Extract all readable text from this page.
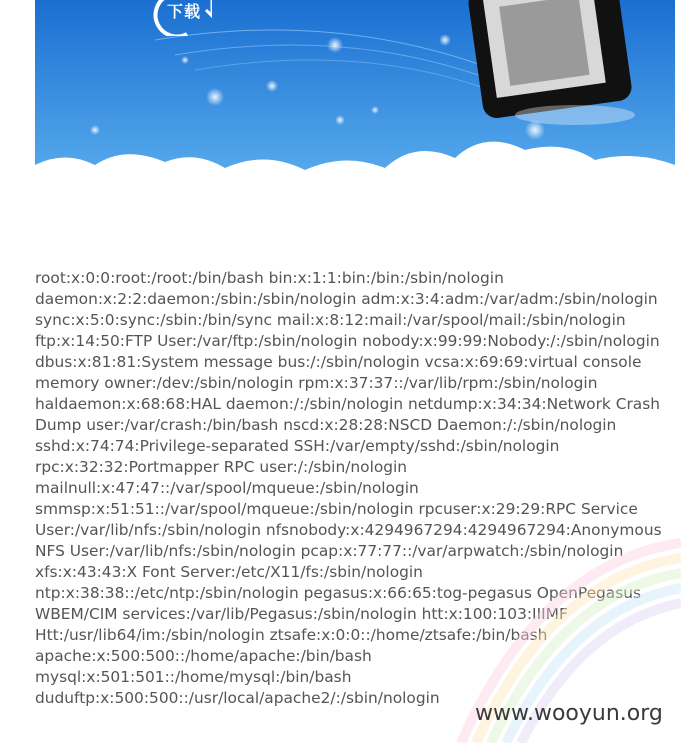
下载
root:x:0:0:root:/root:/bin/bash bin:x:1:1:bin:/bin:/sbin/nologin
daemon:x:2:2:daemon:/sbin:/sbin/nologin adm:x:3:4:adm:/var/adm:/sbin/nologin
sync:x:5:0:sync:/sbin:/bin/sync mail:x:8:12:mail:/var/spool/mail:/sbin/nologin
ftp:x:14:50:FTP User:/var/ftp:/sbin/nologin nobody:x:99:99:Nobody:/:/sbin/nologin
dbus:x:81:81:System message bus:/:/sbin/nologin vcsa:x:69:69:virtual console
memory owner:/dev:/sbin/nologin rpm:x:37:37::/var/lib/rpm:/sbin/nologin
haldaemon:x:68:68:HAL daemon:/:/sbin/nologin netdump:x:34:34:Network Crash
Dump user:/var/crash:/bin/bash nscd:x:28:28:NSCD Daemon:/:/sbin/nologin
sshd:x:74:74:Privilege-separated SSH:/var/empty/sshd:/sbin/nologin
rpc:x:32:32:Portmapper RPC user:/:/sbin/nologin
mailnull:x:47:47::/var/spool/mqueue:/sbin/nologin
smmsp:x:51:51::/var/spool/mqueue:/sbin/nologin rpcuser:x:29:29:RPC Service
User:/var/lib/nfs:/sbin/nologin nfsnobody:x:4294967294:4294967294:Anonymous
NFS User:/var/lib/nfs:/sbin/nologin pcap:x:77:77::/var/arpwatch:/sbin/nologin
xfs:x:43:43:X Font Server:/etc/X11/fs:/sbin/nologin
ntp:x:38:38::/etc/ntp:/sbin/nologin pegasus:x:66:65:tog-pegasus OpenPegasus
WBEM/CIM services:/var/lib/Pegasus:/sbin/nologin htt:x:100:103:IIIMF
Htt:/usr/lib64/im:/sbin/nologin ztsafe:x:0:0::/home/ztsafe:/bin/bash
apache:x:500:500::/home/apache:/bin/bash
mysql:x:501:501::/home/mysql:/bin/bash
duduftp:x:500:500::/usr/local/apache2/:/sbin/nologin
www.wooyun.org
